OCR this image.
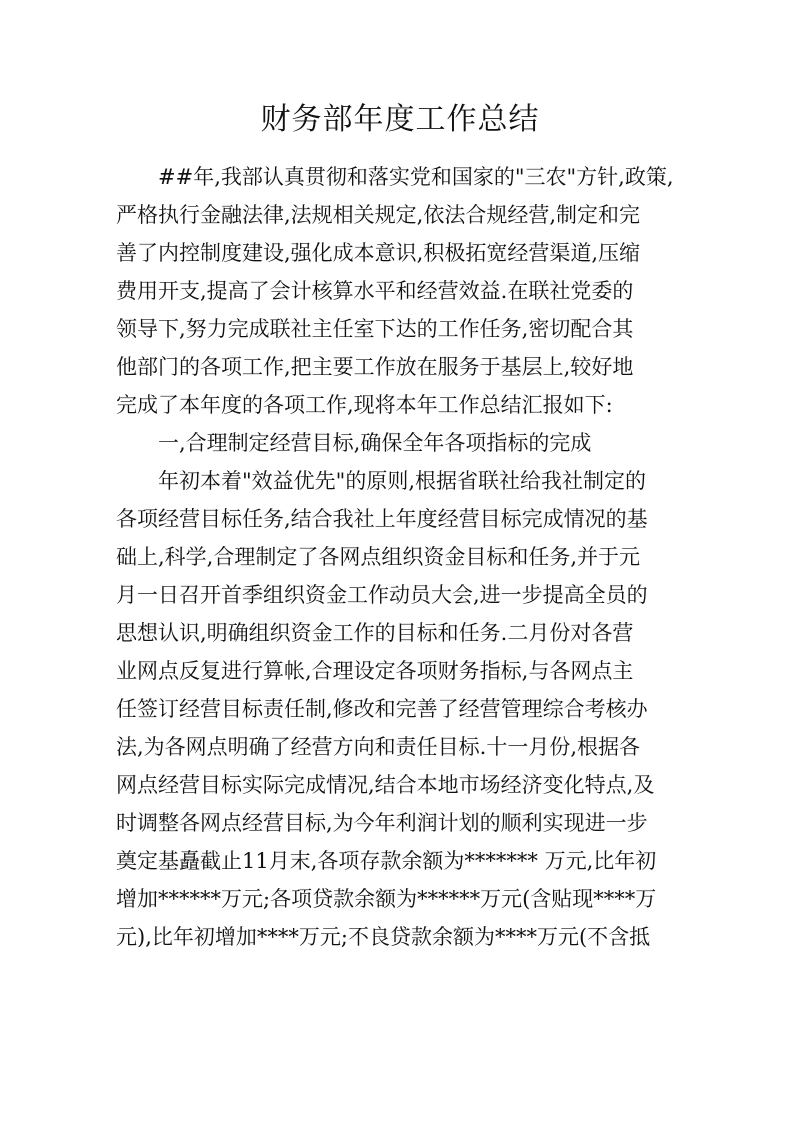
财务部年度工作总结
　　##年,我部认真贯彻和落实党和国家的"三农"方针,政策,
严格执行金融法律,法规相关规定,依法合规经营,制定和完
善了内控制度建设,强化成本意识,积极拓宽经营渠道,压缩
费用开支,提高了会计核算水平和经营效益.在联社党委的
领导下,努力完成联社主任室下达的工作任务,密切配合其
他部门的各项工作,把主要工作放在服务于基层上,较好地
完成了本年度的各项工作,现将本年工作总结汇报如下:
　　一,合理制定经营目标,确保全年各项指标的完成
　　年初本着"效益优先"的原则,根据省联社给我社制定的
各项经营目标任务,结合我社上年度经营目标完成情况的基
础上,科学,合理制定了各网点组织资金目标和任务,并于元
月一日召开首季组织资金工作动员大会,进一步提高全员的
思想认识,明确组织资金工作的目标和任务.二月份对各营
业网点反复进行算帐,合理设定各项财务指标,与各网点主
任签订经营目标责任制,修改和完善了经营管理综合考核办
法,为各网点明确了经营方向和责任目标.十一月份,根据各
网点经营目标实际完成情况,结合本地市场经济变化特点,及
时调整各网点经营目标,为今年利润计划的顺利实现进一步
奠定基矗截止11月末,各项存款余额为******* 万元,比年初
增加******万元;各项贷款余额为******万元(含贴现****万
元),比年初增加****万元;不良贷款余额为****万元(不含抵
